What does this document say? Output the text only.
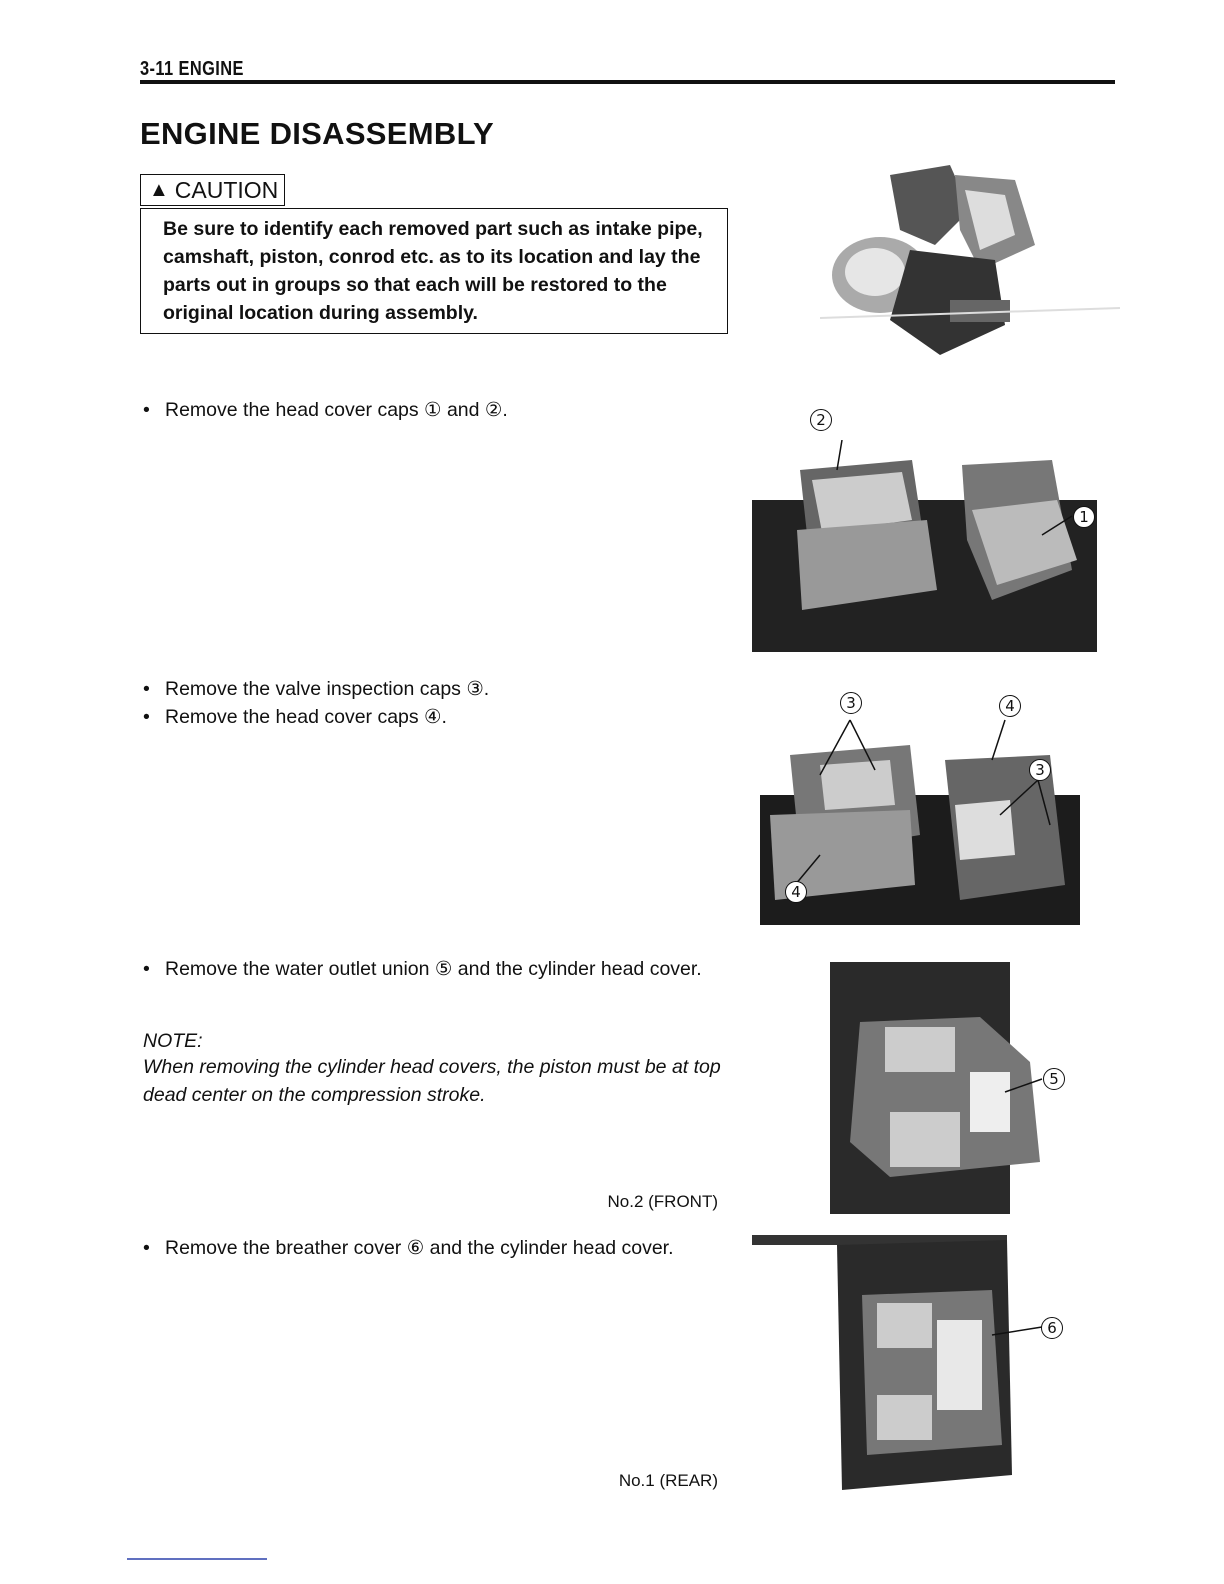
3-11 ENGINE
ENGINE DISASSEMBLY
▲ CAUTION
Be sure to identify each removed part such as intake pipe, camshaft, piston, conrod etc. as to its location and lay the parts out in groups so that each will be restored to the original location during assembly.
• Remove the head cover caps ① and ②.	2
1
• Remove the valve inspection caps ③.
• Remove the head cover caps ④.
3	4
3
4
• Remove the water outlet union ⑤ and the cylinder head cover.
NOTE:
When removing the cylinder head covers, the piston must be at top dead center on the compression stroke.
5
No.2 (FRONT)
• Remove the breather cover ⑥ and the cylinder head cover.
6
No.1 (REAR)
